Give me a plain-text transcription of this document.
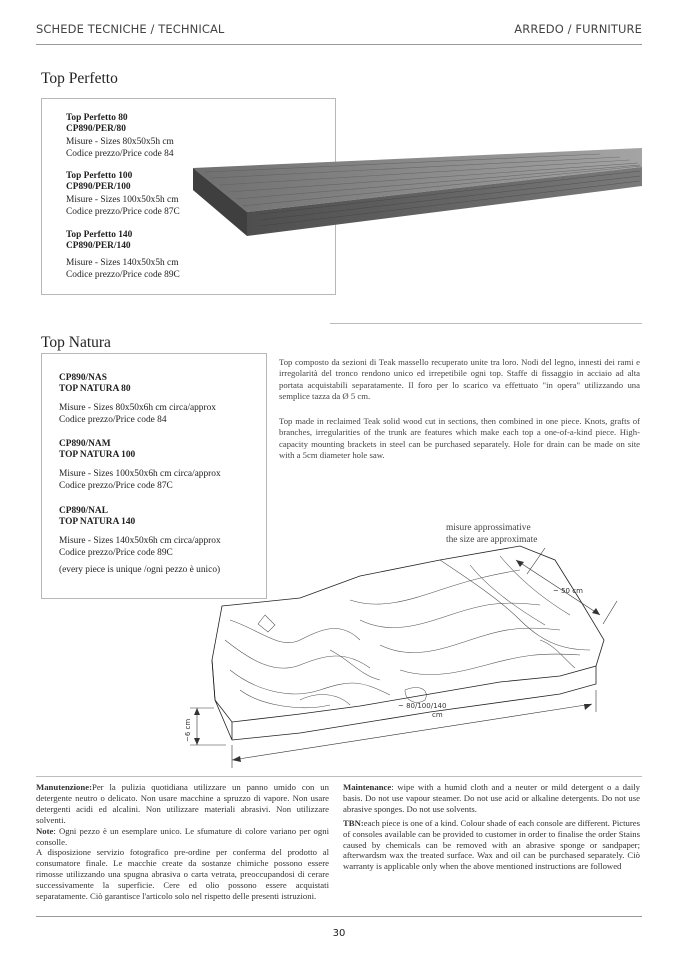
SCHEDE TECNICHE / TECHNICAL	ARREDO / FURNITURE
Top Perfetto
Top Perfetto 80
CP890/PER/80
Misure - Sizes 80x50x5h cm
Codice prezzo/Price code 84
Top Perfetto 100
CP890/PER/100
Misure - Sizes 100x50x5h cm
Codice prezzo/Price code 87C
Top Perfetto 140
CP890/PER/140
Misure - Sizes 140x50x5h cm
Codice prezzo/Price code 89C
Top Natura
CP890/NAS
TOP NATURA 80
Misure - Sizes 80x50x6h cm circa/approx
Codice prezzo/Price code 84
CP890/NAM
TOP NATURA 100
Misure - Sizes 100x50x6h cm circa/approx
Codice prezzo/Price code 87C
CP890/NAL
TOP NATURA 140
Misure - Sizes 140x50x6h cm circa/approx
Codice prezzo/Price code 89C
(every piece is unique /ogni pezzo è unico)
Top composto da sezioni di Teak massello recuperato unite tra loro. Nodi del legno, innesti dei rami e irregolarità del tronco rendono unico ed irrepetibile ogni top. Staffe di fissaggio in acciaio ad alta portata acquistabili separatamente. Il foro per lo scarico va effettuato "in opera" utilizzando una semplice tazza da Ø 5 cm.
Top made in reclaimed Teak solid wood cut in sections, then combined in one piece. Knots, grafts of branches, irregularities of the trunk are features which make each top a one-of-a-kind piece. High-capacity mounting brackets in steel can be purchased separately. Hole for drain can be made on site with a 5cm diameter hole saw.
misure approssimative
the size are approximate
~ 50 cm
~ 80/100/140
cm
~6 cm

Manutenzione:Per la pulizia quotidiana utilizzare un panno umido con un detergente neutro o delicato. Non usare macchine a spruzzo di vapore. Non usare detergenti acidi ed alcalini. Non utilizzare materiali abrasivi. Non utilizzare solventi.

Note: Ogni pezzo è un esemplare unico. Le sfumature di colore variano per ogni consolle.

A disposizione servizio fotografico pre-ordine per conferma del prodotto al consumatore finale. Le macchie create da sostanze chimiche possono essere rimosse utilizzando una spugna abrasiva o carta vetrata, preoccupandosi di cerare successivamente la superficie. Cere ed olio possono essere acquistati separatamente. Ciò garantisce l'articolo solo nel rispetto delle presenti istruzioni.

Maintenance: wipe with a humid cloth and a neuter or mild detergent o a daily basis. Do not use vapour steamer. Do not use acid or alkaline detergents. Do not use abrasive sponges. Do not use solvents.

TBN:each piece is one of a kind. Colour shade of each console are different. Pictures of consoles available can be provided to customer in order to finalise the order Stains caused by chemicals can be removed with an abrasive sponge or sandpaper; afterwardsm wax the treated surface. Wax and oil can be purchased separately. Ciò warranty is applicable only when the above mentioned instructions are followed

30
